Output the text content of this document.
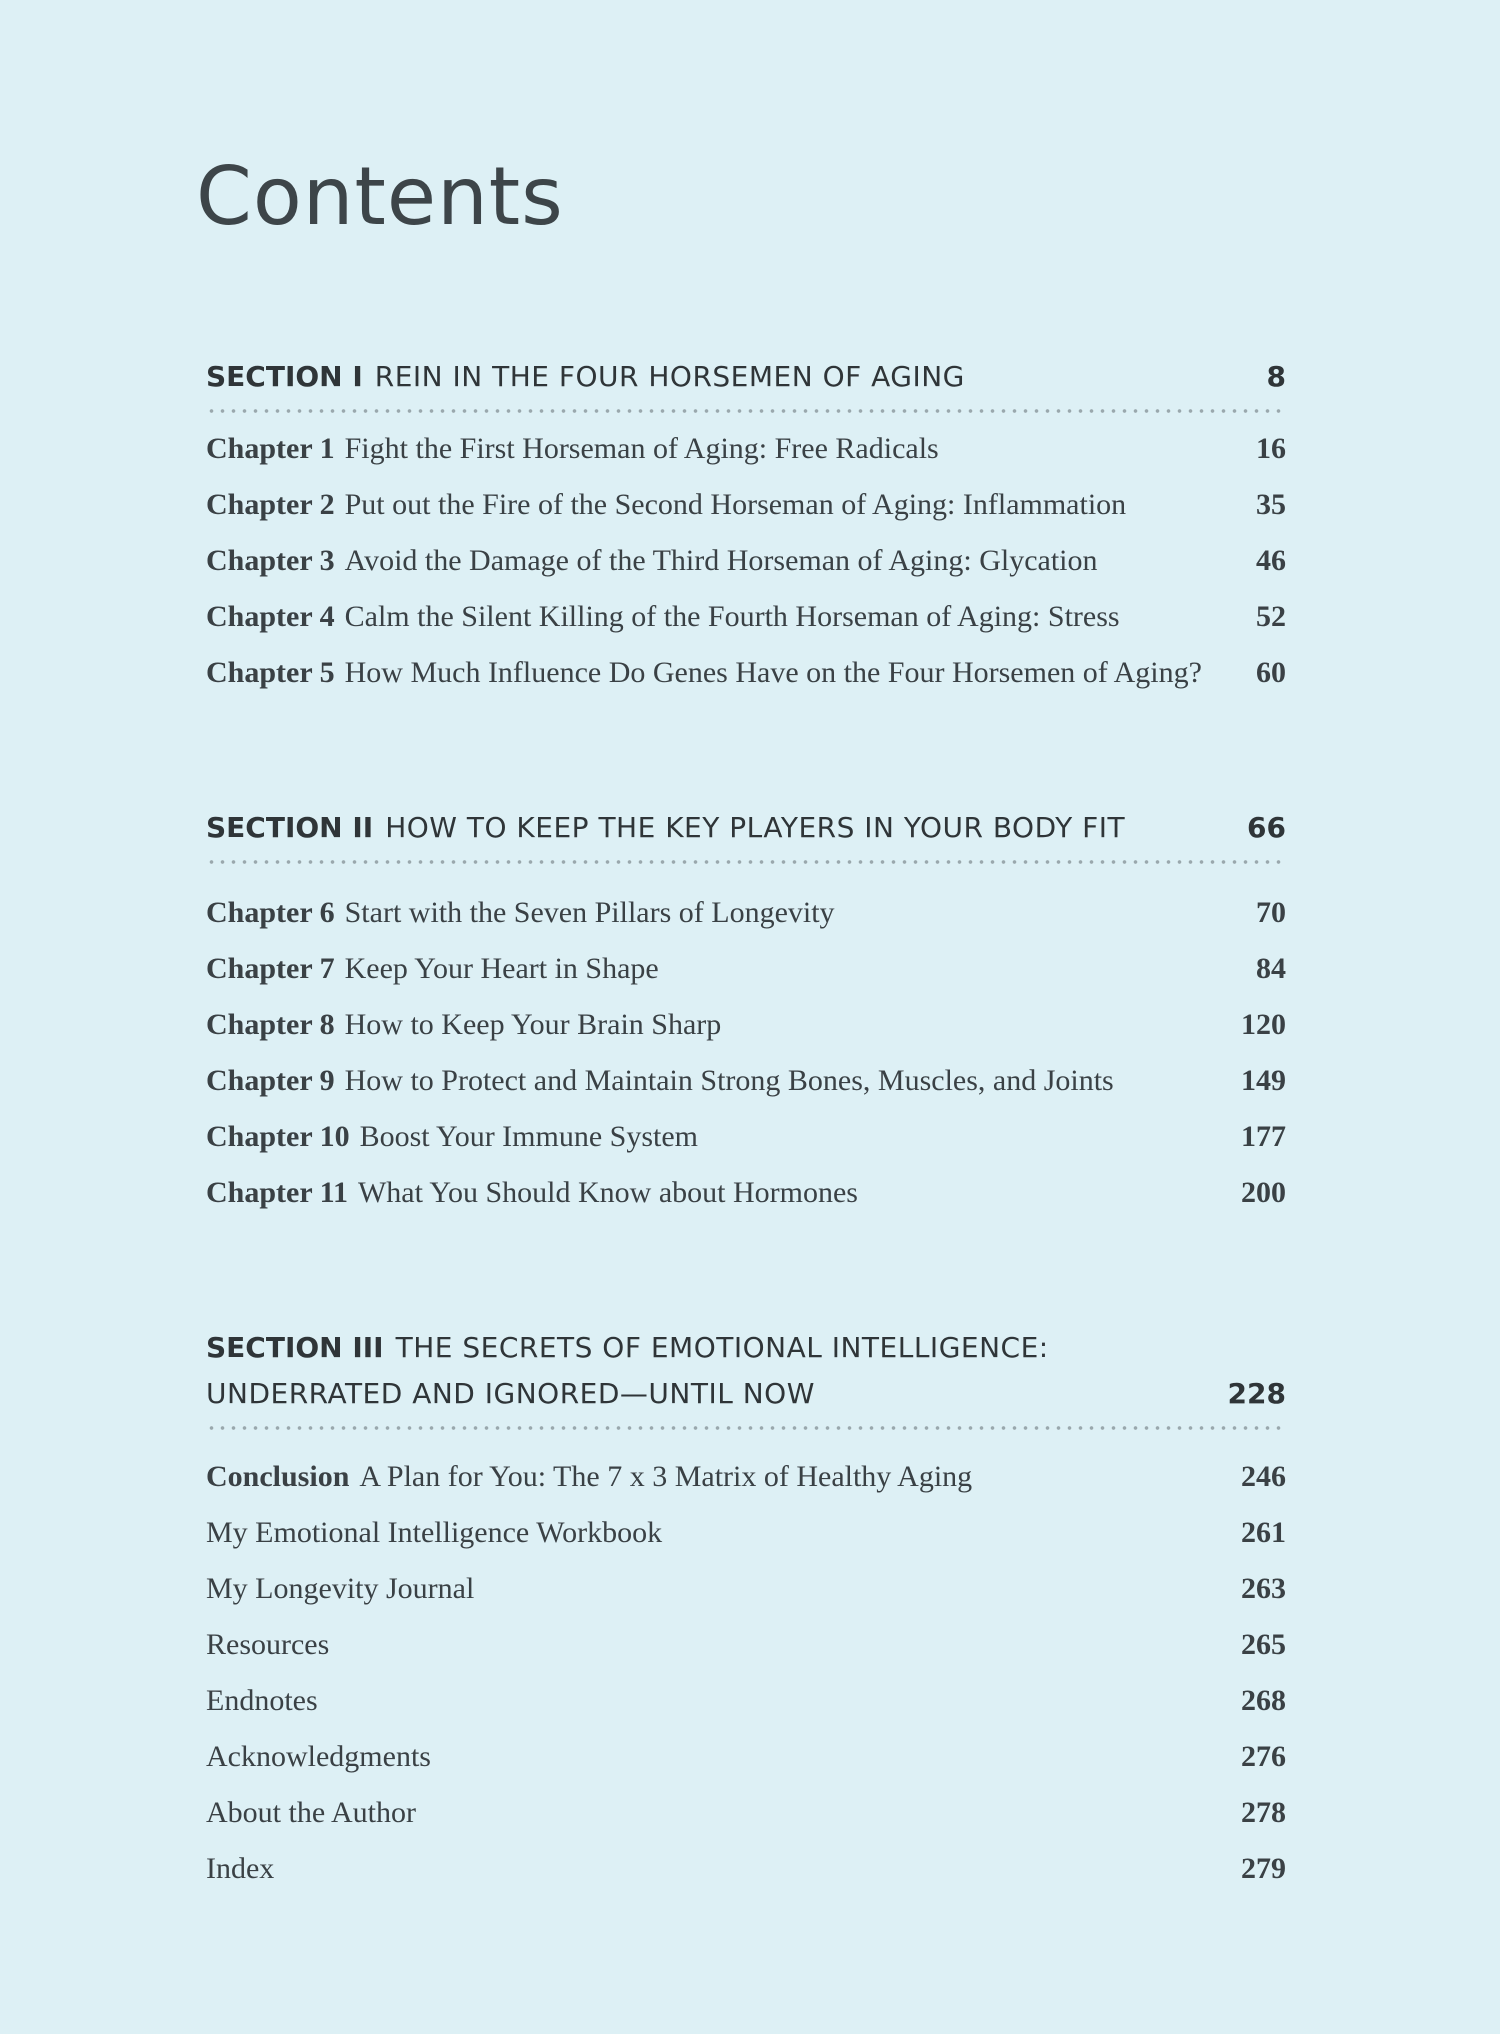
Contents
SECTION I REIN IN THE FOUR HORSEMEN OF AGING	8
Chapter 1 Fight the First Horseman of Aging: Free Radicals	16
Chapter 2 Put out the Fire of the Second Horseman of Aging: Inflammation	35
Chapter 3 Avoid the Damage of the Third Horseman of Aging: Glycation	46
Chapter 4 Calm the Silent Killing of the Fourth Horseman of Aging: Stress	52
Chapter 5 How Much Influence Do Genes Have on the Four Horsemen of Aging?	60
SECTION II HOW TO KEEP THE KEY PLAYERS IN YOUR BODY FIT	66
Chapter 6 Start with the Seven Pillars of Longevity	70
Chapter 7 Keep Your Heart in Shape	84
Chapter 8 How to Keep Your Brain Sharp	120
Chapter 9 How to Protect and Maintain Strong Bones, Muscles, and Joints	149
Chapter 10 Boost Your Immune System	177
Chapter 11 What You Should Know about Hormones	200
SECTION III THE SECRETS OF EMOTIONAL INTELLIGENCE:
UNDERRATED AND IGNORED—UNTIL NOW	228
Conclusion A Plan for You: The 7 x 3 Matrix of Healthy Aging	246
My Emotional Intelligence Workbook	261
My Longevity Journal	263
Resources	265
Endnotes	268
Acknowledgments	276
About the Author	278
Index	279
